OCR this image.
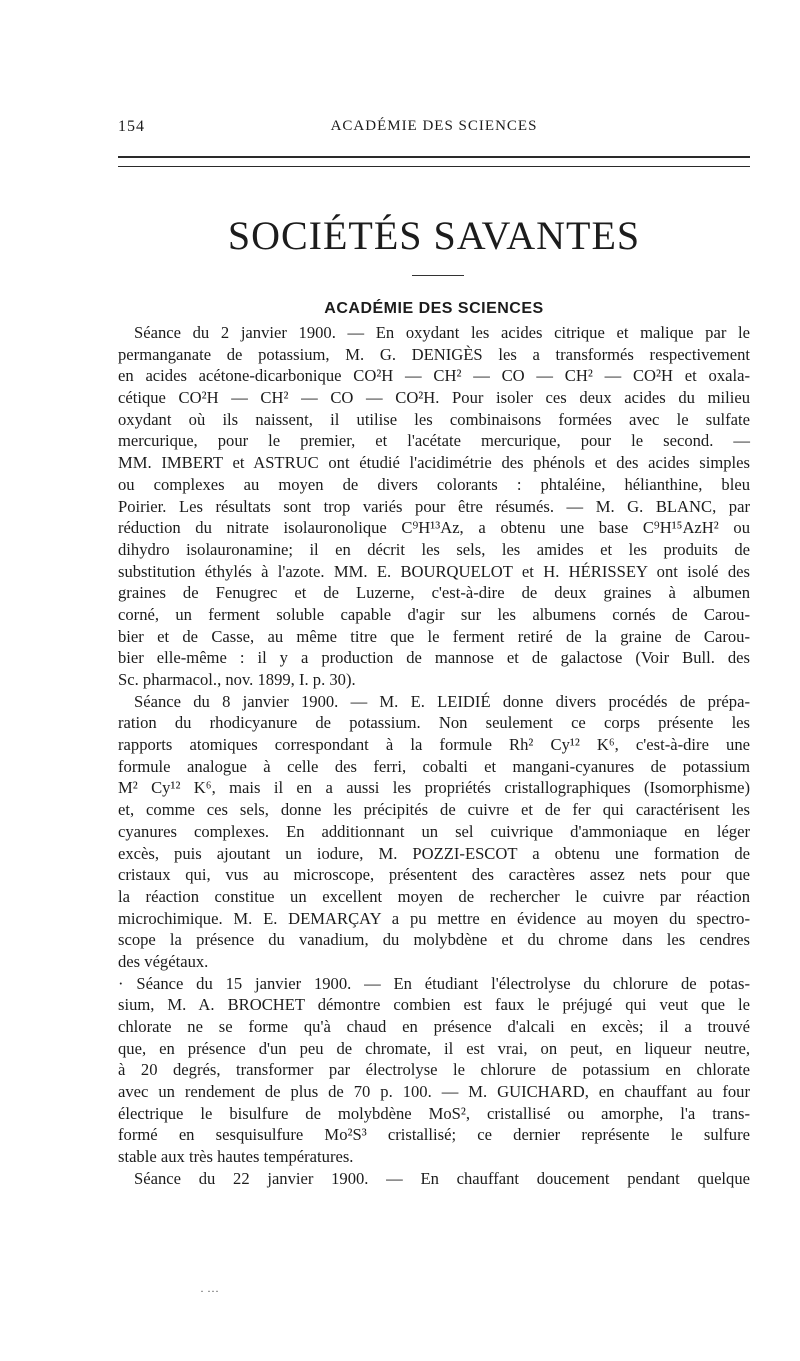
154	ACADÉMIE DES SCIENCES
SOCIÉTÉS SAVANTES
ACADÉMIE DES SCIENCES
Séance du 2 janvier 1900. — En oxydant les acides citrique et malique par le
permanganate de potassium, M. G. DENIGÈS les a transformés respectivement
en acides acétone-dicarbonique CO²H — CH² — CO — CH² — CO²H et oxala-
cétique CO²H — CH² — CO — CO²H. Pour isoler ces deux acides du milieu
oxydant où ils naissent, il utilise les combinaisons formées avec le sulfate
mercurique, pour le premier, et l'acétate mercurique, pour le second. —
MM. IMBERT et ASTRUC ont étudié l'acidimétrie des phénols et des acides simples
ou complexes au moyen de divers colorants : phtaléine, hélianthine, bleu
Poirier. Les résultats sont trop variés pour être résumés. — M. G. BLANC, par
réduction du nitrate isolauronolique C⁹H¹³Az, a obtenu une base C⁹H¹⁵AzH² ou
dihydro isolauronamine; il en décrit les sels, les amides et les produits de
substitution éthylés à l'azote. MM. E. BOURQUELOT et H. HÉRISSEY ont isolé des
graines de Fenugrec et de Luzerne, c'est-à-dire de deux graines à albumen
corné, un ferment soluble capable d'agir sur les albumens cornés de Carou-
bier et de Casse, au même titre que le ferment retiré de la graine de Carou-
bier elle-même : il y a production de mannose et de galactose (Voir Bull. des
Sc. pharmacol., nov. 1899, I. p. 30).
Séance du 8 janvier 1900. — M. E. LEIDIÉ donne divers procédés de prépa-
ration du rhodicyanure de potassium. Non seulement ce corps présente les
rapports atomiques correspondant à la formule Rh² Cy¹² K⁶, c'est-à-dire une
formule analogue à celle des ferri, cobalti et mangani-cyanures de potassium
M² Cy¹² K⁶, mais il en a aussi les propriétés cristallographiques (Isomorphisme)
et, comme ces sels, donne les précipités de cuivre et de fer qui caractérisent les
cyanures complexes. En additionnant un sel cuivrique d'ammoniaque en léger
excès, puis ajoutant un iodure, M. POZZI-ESCOT a obtenu une formation de
cristaux qui, vus au microscope, présentent des caractères assez nets pour que
la réaction constitue un excellent moyen de rechercher le cuivre par réaction
microchimique. M. E. DEMARÇAY a pu mettre en évidence au moyen du spectro-
scope la présence du vanadium, du molybdène et du chrome dans les cendres
des végétaux.
· Séance du 15 janvier 1900. — En étudiant l'électrolyse du chlorure de potas-
sium, M. A. BROCHET démontre combien est faux le préjugé qui veut que le
chlorate ne se forme qu'à chaud en présence d'alcali en excès; il a trouvé
que, en présence d'un peu de chromate, il est vrai, on peut, en liqueur neutre,
à 20 degrés, transformer par électrolyse le chlorure de potassium en chlorate
avec un rendement de plus de 70 p. 100. — M. GUICHARD, en chauffant au four
électrique le bisulfure de molybdène MoS², cristallisé ou amorphe, l'a trans-
formé en sesquisulfure Mo²S³ cristallisé; ce dernier représente le sulfure
stable aux très hautes températures.
Séance du 22 janvier 1900. — En chauffant doucement pendant quelque
· ···
